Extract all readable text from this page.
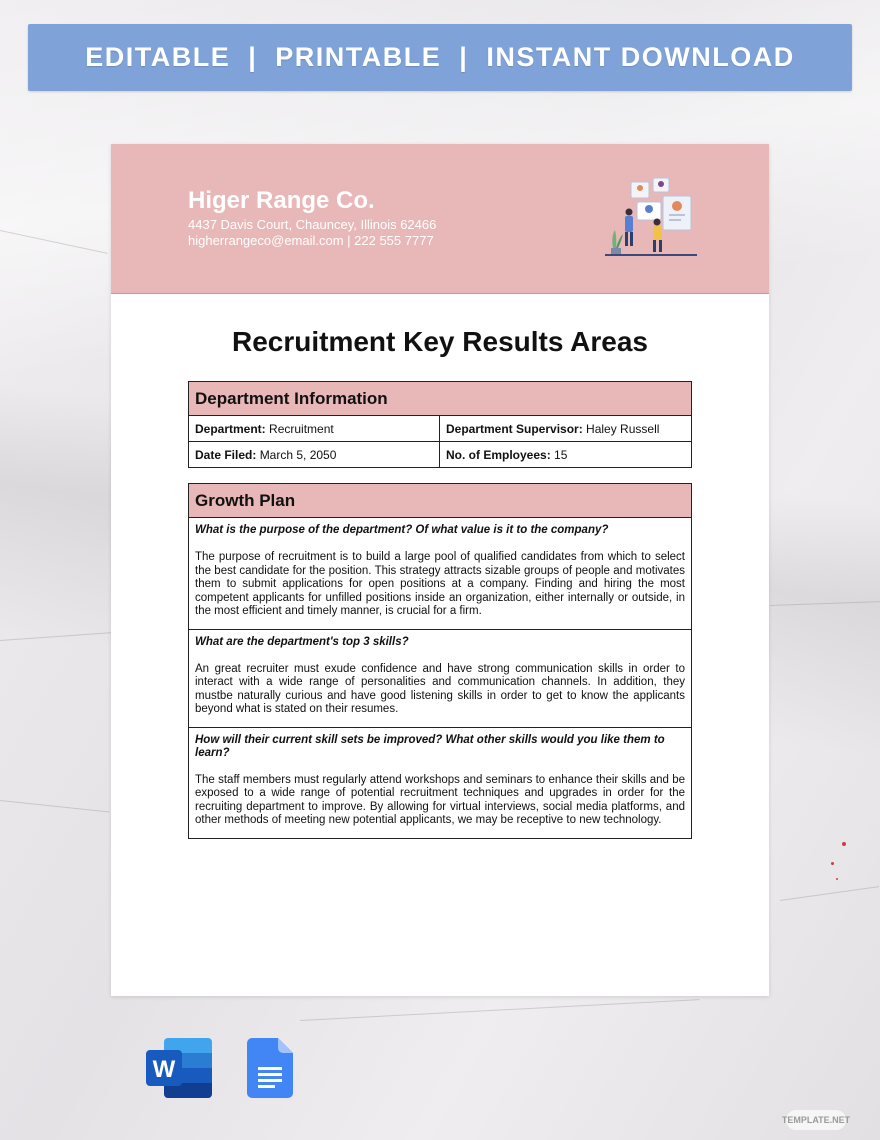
EDITABLE  |  PRINTABLE  |  INSTANT DOWNLOAD
Higer Range Co.
4437 Davis Court, Chauncey, Illinois 62466
higherrangeco@email.com | 222 555 7777
Recruitment Key Results Areas
Department Information	
Department: Recruitment	Department Supervisor: Haley Russell
Date Filed: March 5, 2050	No. of Employees: 15
Growth Plan

What is the purpose of the department? Of what value is it to the company?
The purpose of recruitment is to build a large pool of qualified candidates from which to select the best candidate for the position. This strategy attracts sizable groups of people and motivates them to submit applications for open positions at a company. Finding and hiring the most competent applicants for unfilled positions inside an organization, either internally or outside, in the most efficient and timely manner, is crucial for a firm.

What are the department's top 3 skills?
An great recruiter must exude confidence and have strong communication skills in order to interact with a wide range of personalities and communication channels. In addition, they mustbe naturally curious and have good listening skills in order to get to know the applicants beyond what is stated on their resumes.

How will their current skill sets be improved? What other skills would you like them to learn?
The staff members must regularly attend workshops and seminars to enhance their skills and be exposed to a wide range of potential recruitment techniques and upgrades in order for the recruiting department to improve. By allowing for virtual interviews, social media platforms, and other methods of meeting new potential applicants, we may be receptive to new technology.
W
TEMPLATE.NET
